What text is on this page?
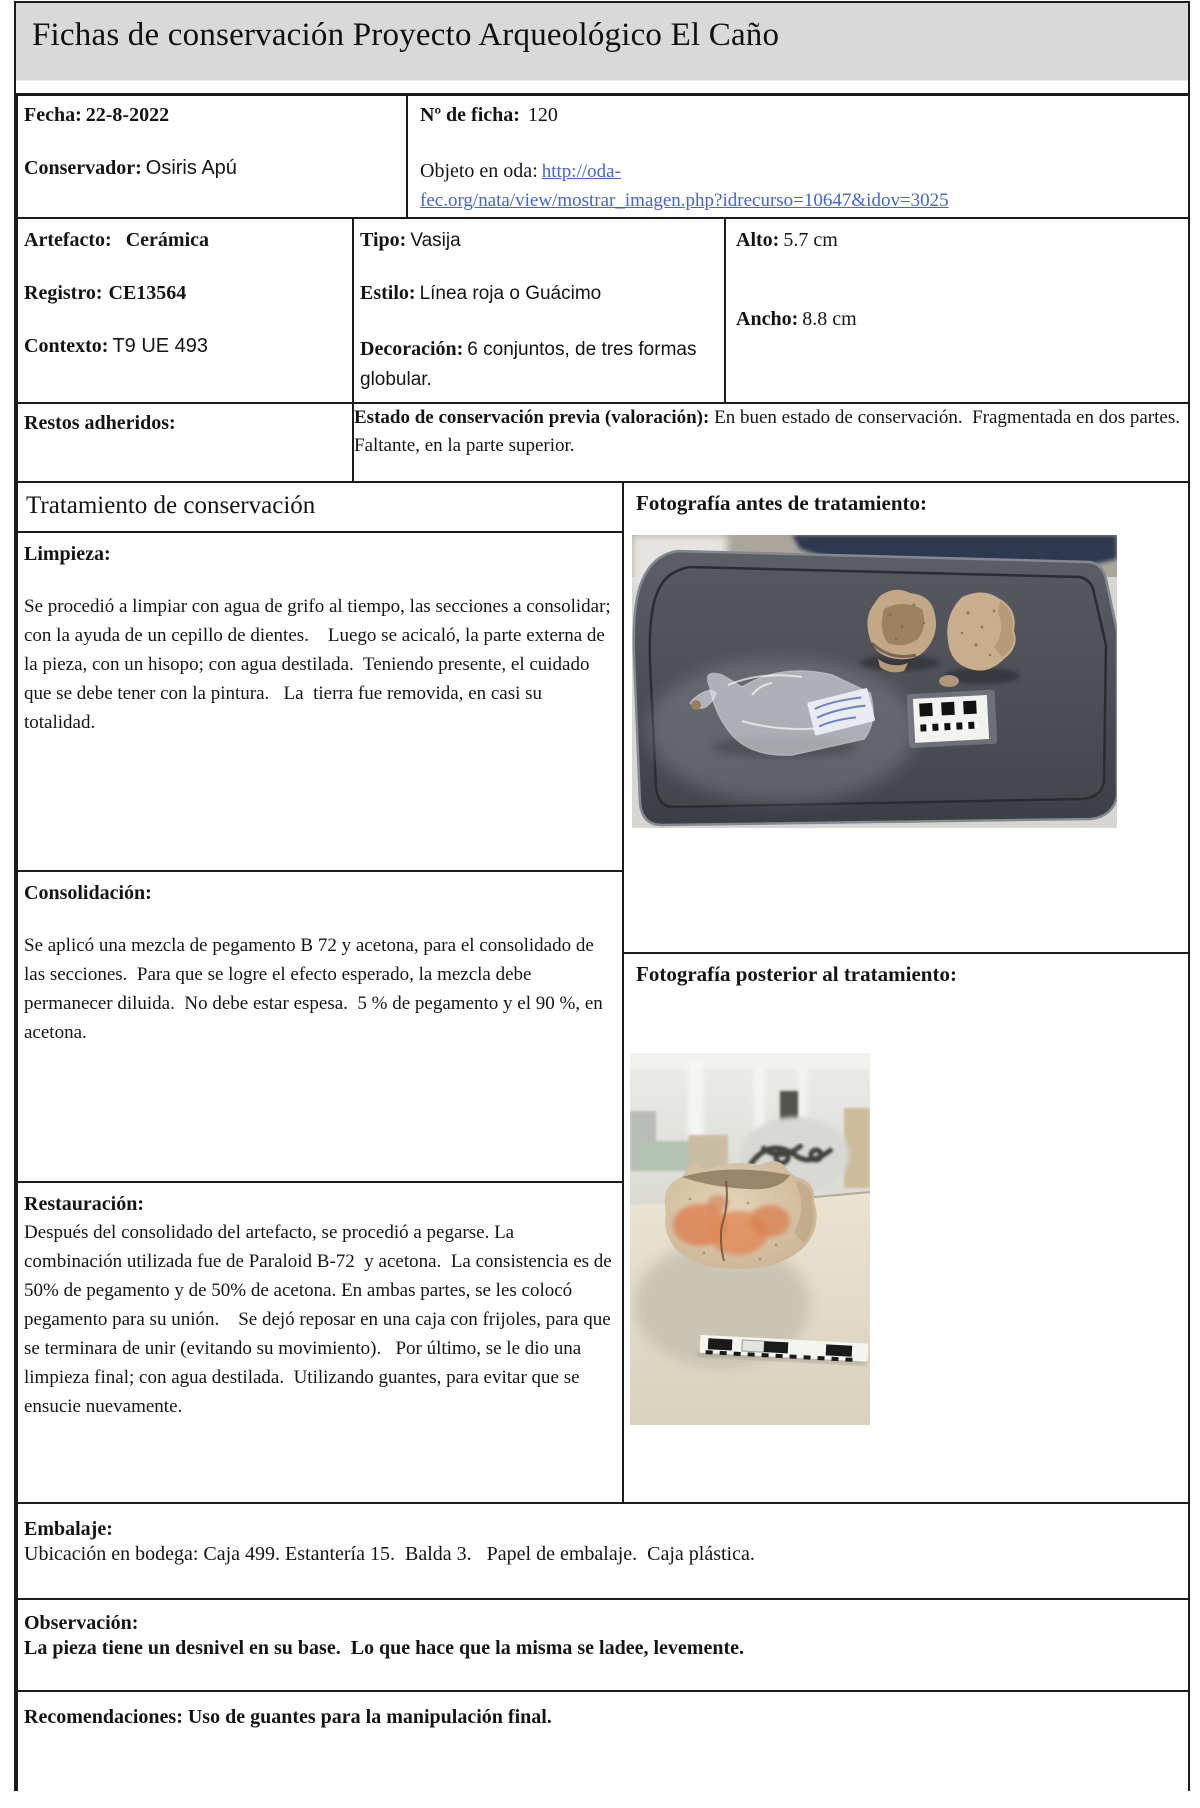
Fichas de conservación Proyecto Arqueológico El Caño

Fecha: 22-8-2022

Conservador: Osiris Apú

Nº de ficha: 120

Objeto en oda: http://oda-
fec.org/nata/view/mostrar_imagen.php?idrecurso=10647&idov=3025

Artefacto: Cerámica

Registro: CE13564

Contexto: T9 UE 493

Tipo: Vasija

Estilo: Línea roja o Guácimo

Decoración: 6 conjuntos, de tres formas globular.

Alto: 5.7 cm

Ancho: 8.8 cm

Restos adheridos:	Estado de conservación previa (valoración): En buen estado de conservación.  Fragmentada en dos partes.  Faltante, en la parte superior.

Tratamiento de conservación

Limpieza:

Se procedió a limpiar con agua de grifo al tiempo, las secciones a consolidar; con la ayuda de un cepillo de dientes.    Luego se acicaló, la parte externa de la pieza, con un hisopo; con agua destilada.  Teniendo presente, el cuidado que se debe tener con la pintura.   La  tierra fue removida, en casi su totalidad.

Consolidación:

Se aplicó una mezcla de pegamento B 72 y acetona, para el consolidado de las secciones.  Para que se logre el efecto esperado, la mezcla debe permanecer diluida.  No debe estar espesa.  5 % de pegamento y el 90 %, en acetona.

Restauración:

Después del consolidado del artefacto, se procedió a pegarse. La combinación utilizada fue de Paraloid B-72  y acetona.  La consistencia es de 50% de pegamento y de 50% de acetona. En ambas partes, se les colocó pegamento para su unión.    Se dejó reposar en una caja con frijoles, para que se terminara de unir (evitando su movimiento).   Por último, se le dio una limpieza final; con agua destilada.  Utilizando guantes, para evitar que se ensucie nuevamente.

Fotografía antes de tratamiento:
Fotografía posterior al tratamiento:

Embalaje:

Ubicación en bodega: Caja 499. Estantería 15.  Balda 3.   Papel de embalaje.  Caja plástica.

Observación:

La pieza tiene un desnivel en su base.  Lo que hace que la misma se ladee, levemente.

Recomendaciones: Uso de guantes para la manipulación final.
